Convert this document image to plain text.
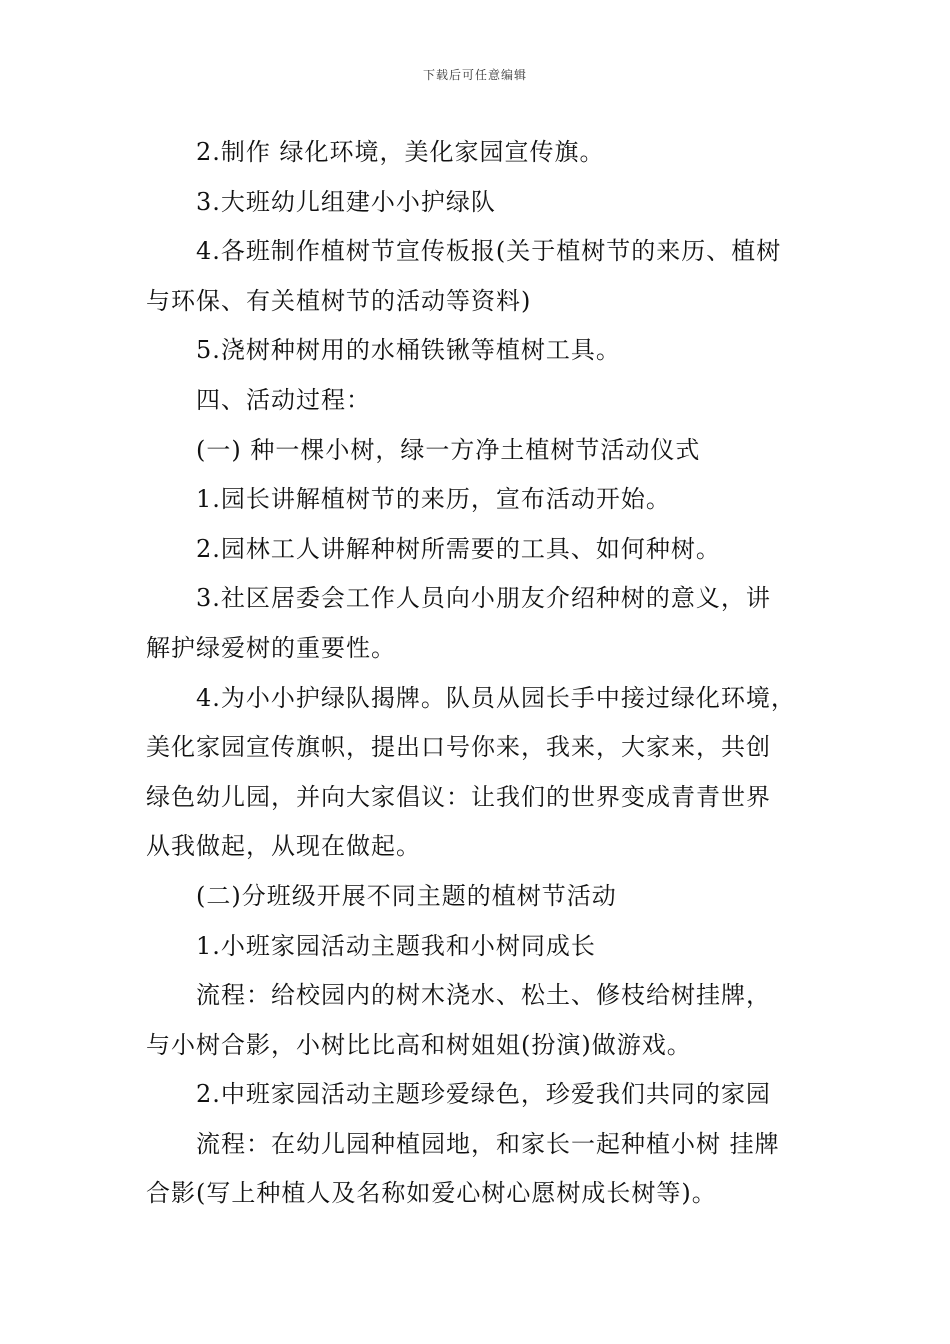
下载后可任意编辑

2.制作 绿化环境，美化家园宣传旗。

3.大班幼儿组建小小护绿队

4.各班制作植树节宣传板报(关于植树节的来历、植树

与环保、有关植树节的活动等资料)

5.浇树种树用的水桶铁锹等植树工具。

四、活动过程：

(一) 种一棵小树，绿一方净土植树节活动仪式

1.园长讲解植树节的来历，宣布活动开始。

2.园林工人讲解种树所需要的工具、如何种树。

3.社区居委会工作人员向小朋友介绍种树的意义，讲

解护绿爱树的重要性。

4.为小小护绿队揭牌。队员从园长手中接过绿化环境，

美化家园宣传旗帜，提出口号你来，我来，大家来，共创

绿色幼儿园，并向大家倡议：让我们的世界变成青青世界

从我做起，从现在做起。

(二)分班级开展不同主题的植树节活动

1.小班家园活动主题我和小树同成长

流程：给校园内的树木浇水、松土、修枝给树挂牌，

与小树合影，小树比比高和树姐姐(扮演)做游戏。

2.中班家园活动主题珍爱绿色，珍爱我们共同的家园

流程：在幼儿园种植园地，和家长一起种植小树 挂牌

合影(写上种植人及名称如爱心树心愿树成长树等)。
